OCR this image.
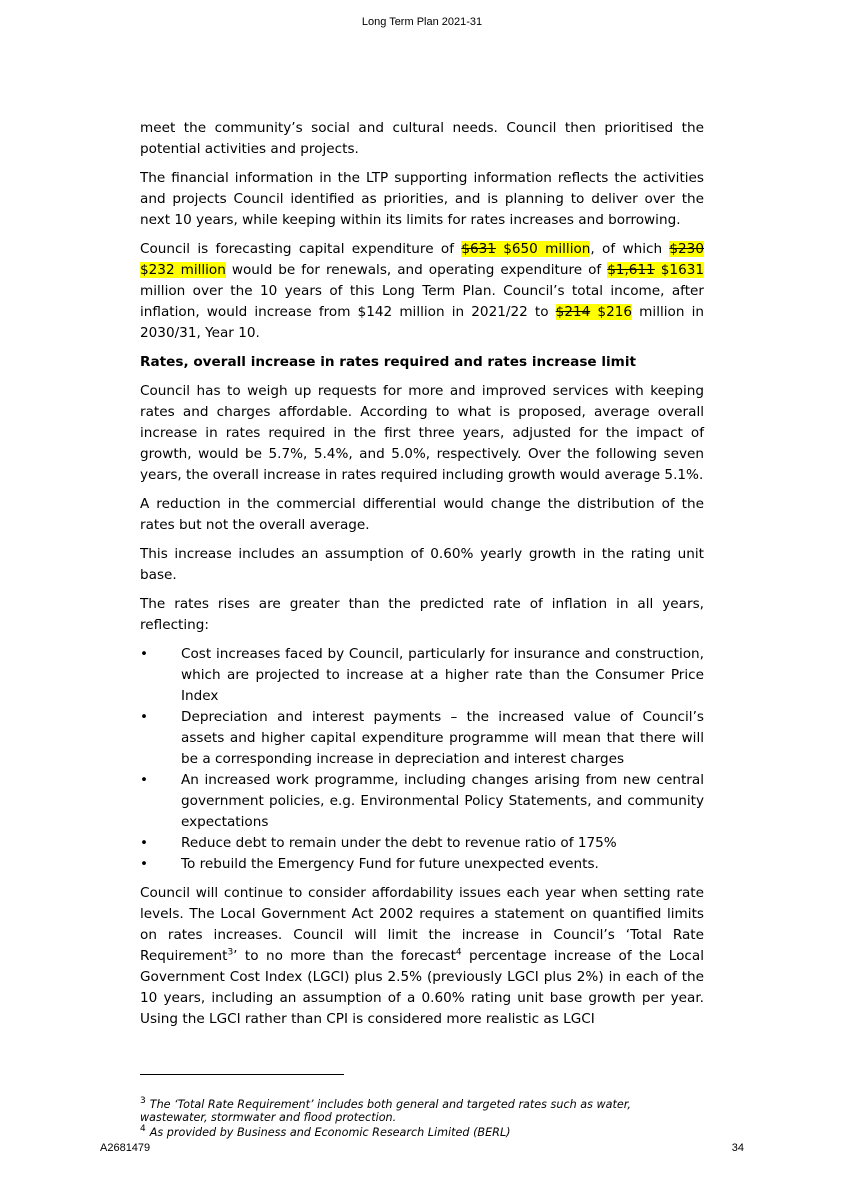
Long Term Plan 2021-31

meet the community’s social and cultural needs. Council then prioritised the potential activities and projects.

The financial information in the LTP supporting information reflects the activities and projects Council identified as priorities, and is planning to deliver over the next 10 years, while keeping within its limits for rates increases and borrowing.

Council is forecasting capital expenditure of $631 $650 million, of which $230 $232 million would be for renewals, and operating expenditure of $1,611 $1631 million over the 10 years of this Long Term Plan. Council’s total income, after inflation, would increase from $142 million in 2021/22 to $214 $216 million in 2030/31, Year 10.

Rates, overall increase in rates required and rates increase limit

Council has to weigh up requests for more and improved services with keeping rates and charges affordable. According to what is proposed, average overall increase in rates required in the first three years, adjusted for the impact of growth, would be 5.7%, 5.4%, and 5.0%, respectively. Over the following seven years, the overall increase in rates required including growth would average 5.1%.

A reduction in the commercial differential would change the distribution of the rates but not the overall average.

This increase includes an assumption of 0.60% yearly growth in the rating unit base.

The rates rises are greater than the predicted rate of inflation in all years, reflecting:

• Cost increases faced by Council, particularly for insurance and construction, which are projected to increase at a higher rate than the Consumer Price Index
• Depreciation and interest payments – the increased value of Council’s assets and higher capital expenditure programme will mean that there will be a corresponding increase in depreciation and interest charges
• An increased work programme, including changes arising from new central government policies, e.g. Environmental Policy Statements, and community expectations
• Reduce debt to remain under the debt to revenue ratio of 175%
• To rebuild the Emergency Fund for future unexpected events.

Council will continue to consider affordability issues each year when setting rate levels. The Local Government Act 2002 requires a statement on quantified limits on rates increases. Council will limit the increase in Council’s ‘Total Rate Requirement$^3$’ to no more than the forecast$^4$ percentage increase of the Local Government Cost Index (LGCI) plus 2.5% (previously LGCI plus 2%) in each of the 10 years, including an assumption of a 0.60% rating unit base growth per year. Using the LGCI rather than CPI is considered more realistic as LGCI

$^3$ The ‘Total Rate Requirement’ includes both general and targeted rates such as water, wastewater, stormwater and flood protection.
$^4$ As provided by Business and Economic Research Limited (BERL)
A2681479	34
